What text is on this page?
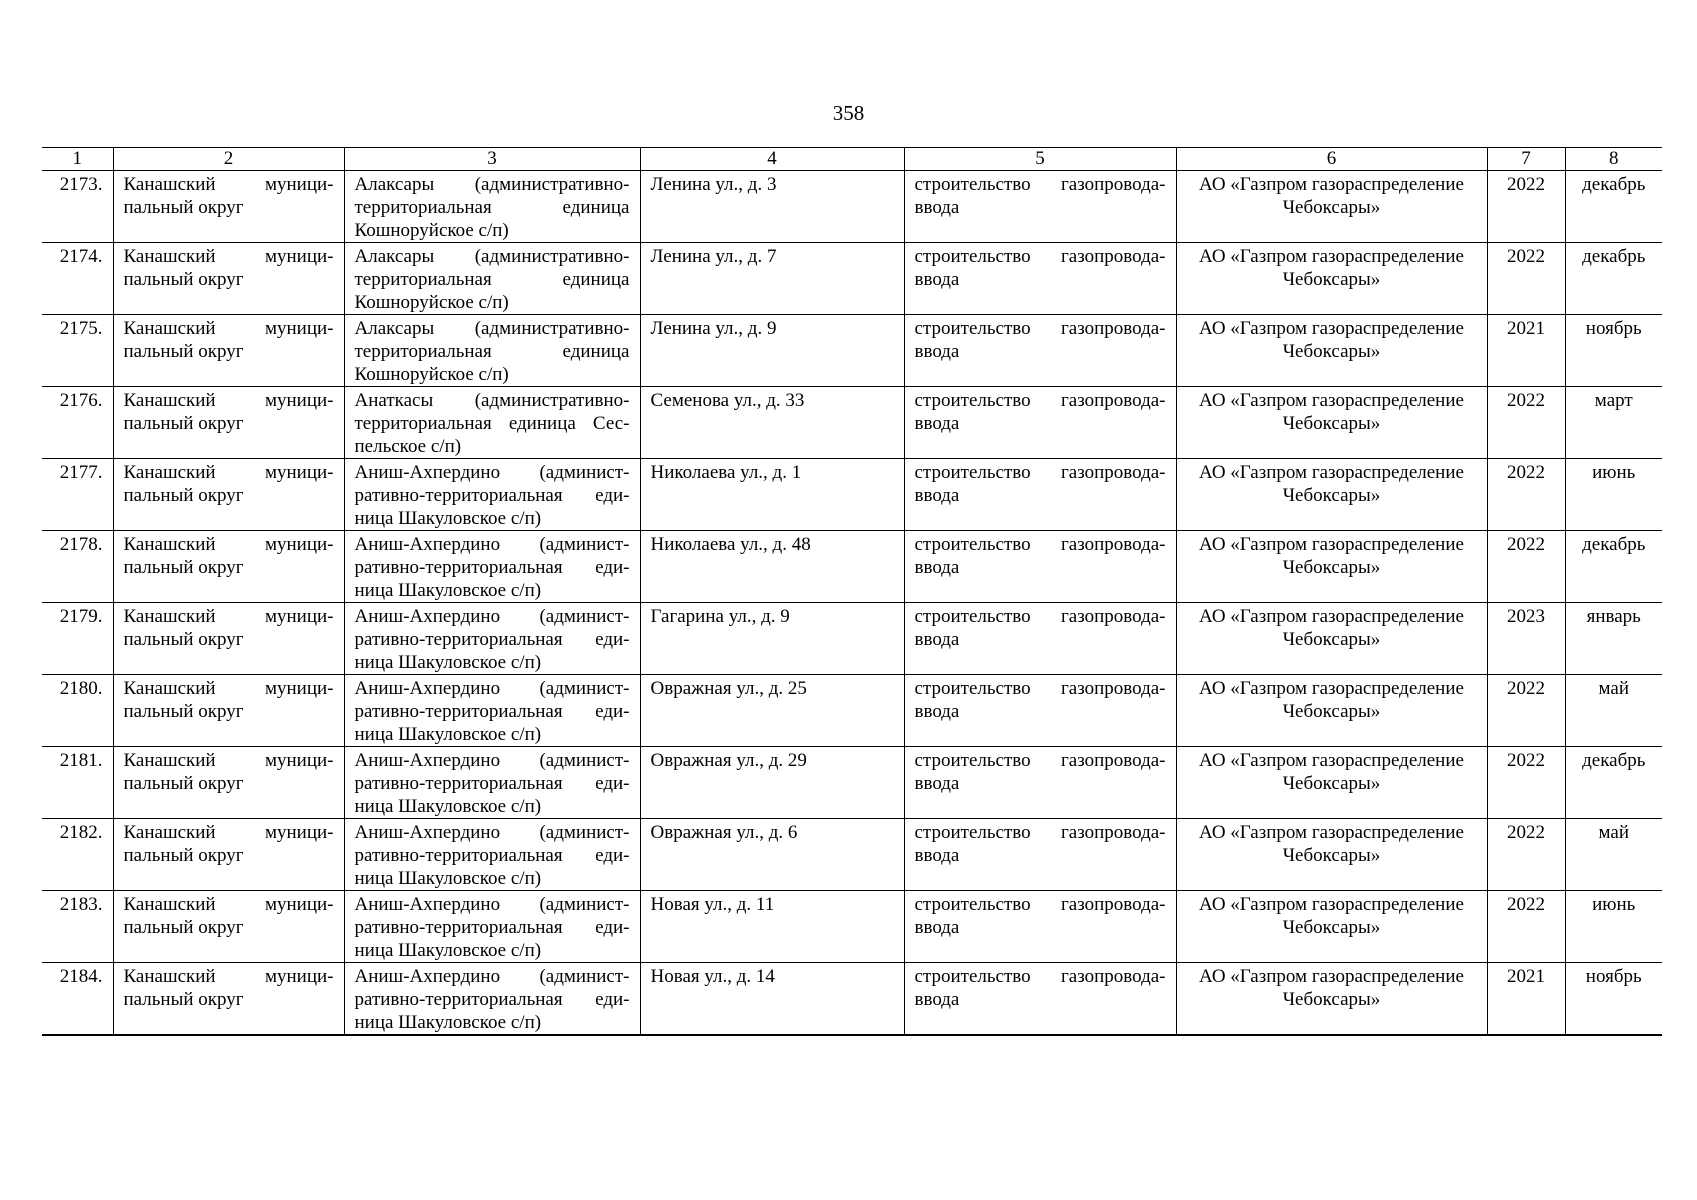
358
1	2	3	4	5	6	7	8
2173.	Канашский муници-пальный округ	Алаксары (административно-территориальная единица Кошноруйское с/п)	Ленина ул., д. 3	строительство газопровода-ввода	АО «Газпром газораспределение Чебоксары»	2022	декабрь
2174.	Канашский муници-пальный округ	Алаксары (административно-территориальная единица Кошноруйское с/п)	Ленина ул., д. 7	строительство газопровода-ввода	АО «Газпром газораспределение Чебоксары»	2022	декабрь
2175.	Канашский муници-пальный округ	Алаксары (административно-территориальная единица Кошноруйское с/п)	Ленина ул., д. 9	строительство газопровода-ввода	АО «Газпром газораспределение Чебоксары»	2021	ноябрь
2176.	Канашский муници-пальный округ	Анаткасы (административно-территориальная единица Сес-пельское с/п)	Семенова ул., д. 33	строительство газопровода-ввода	АО «Газпром газораспределение Чебоксары»	2022	март
2177.	Канашский муници-пальный округ	Аниш-Ахпердино (админист-ративно-территориальная еди-ница Шакуловское с/п)	Николаева ул., д. 1	строительство газопровода-ввода	АО «Газпром газораспределение Чебоксары»	2022	июнь
2178.	Канашский муници-пальный округ	Аниш-Ахпердино (админист-ративно-территориальная еди-ница Шакуловское с/п)	Николаева ул., д. 48	строительство газопровода-ввода	АО «Газпром газораспределение Чебоксары»	2022	декабрь
2179.	Канашский муници-пальный округ	Аниш-Ахпердино (админист-ративно-территориальная еди-ница Шакуловское с/п)	Гагарина ул., д. 9	строительство газопровода-ввода	АО «Газпром газораспределение Чебоксары»	2023	январь
2180.	Канашский муници-пальный округ	Аниш-Ахпердино (админист-ративно-территориальная еди-ница Шакуловское с/п)	Овражная ул., д. 25	строительство газопровода-ввода	АО «Газпром газораспределение Чебоксары»	2022	май
2181.	Канашский муници-пальный округ	Аниш-Ахпердино (админист-ративно-территориальная еди-ница Шакуловское с/п)	Овражная ул., д. 29	строительство газопровода-ввода	АО «Газпром газораспределение Чебоксары»	2022	декабрь
2182.	Канашский муници-пальный округ	Аниш-Ахпердино (админист-ративно-территориальная еди-ница Шакуловское с/п)	Овражная ул., д. 6	строительство газопровода-ввода	АО «Газпром газораспределение Чебоксары»	2022	май
2183.	Канашский муници-пальный округ	Аниш-Ахпердино (админист-ративно-территориальная еди-ница Шакуловское с/п)	Новая ул., д. 11	строительство газопровода-ввода	АО «Газпром газораспределение Чебоксары»	2022	июнь
2184.	Канашский муници-пальный округ	Аниш-Ахпердино (админист-ративно-территориальная еди-ница Шакуловское с/п)	Новая ул., д. 14	строительство газопровода-ввода	АО «Газпром газораспределение Чебоксары»	2021	ноябрь
